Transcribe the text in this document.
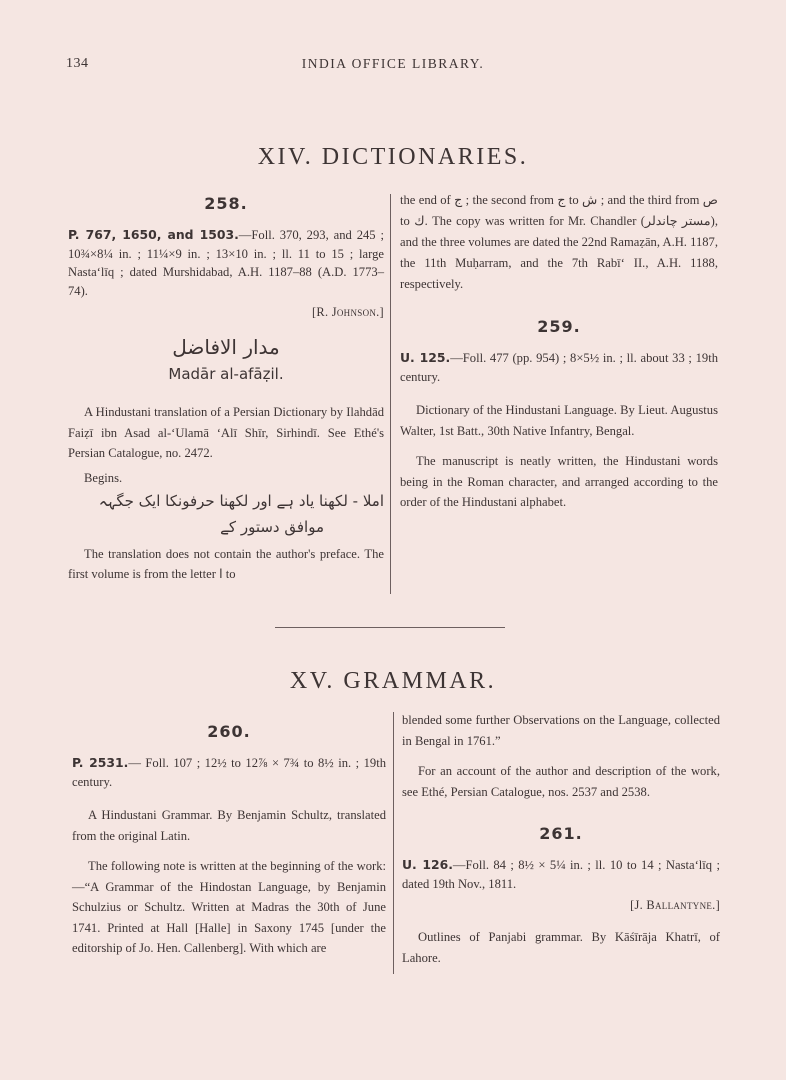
134	INDIA OFFICE LIBRARY.
XIV. DICTIONARIES.

258.

P. 767, 1650, and 1503.—Foll. 370, 293, and 245 ; 10¾×8¼ in. ; 11¼×9 in. ; 13×10 in. ; ll. 11 to 15 ; large Nasta‘līq ; dated Murshidabad, A.H. 1187–88 (A.D. 1773–74).

[R. Johnson.]

مدار الافاضل

Madār al-afāẓil.

A Hindustani translation of a Persian Dictionary by Ilahdād Faiẓī ibn Asad al-‘Ulamā ‘Alī Shīr, Sirhindī. See Ethé's Persian Catalogue, no. 2472.

Begins.

املا - لکھنا یاد ہے اور لکھنا حرفونکا ایک جگہہ

موافق دستور کے

The translation does not contain the author's preface. The first volume is from the letter ا to

the end of ج ; the second from ج to ش ; and the third from ص to ك. The copy was written for Mr. Chandler (مستر چاندلر), and the three volumes are dated the 22nd Ramaẓān, A.H. 1187, the 11th Muḥarram, and the 7th Rabī‘ II., A.H. 1188, respectively.

259.

U. 125.—Foll. 477 (pp. 954) ; 8×5½ in. ; ll. about 33 ; 19th century.

Dictionary of the Hindustani Language. By Lieut. Augustus Walter, 1st Batt., 30th Native Infantry, Bengal.

The manuscript is neatly written, the Hindustani words being in the Roman character, and arranged according to the order of the Hindustani alphabet.

XV. GRAMMAR.

260.

P. 2531.— Foll. 107 ; 12½ to 12⅞ × 7¾ to 8½ in. ; 19th century.

A Hindustani Grammar. By Benjamin Schultz, translated from the original Latin.

The following note is written at the beginning of the work:—“A Grammar of the Hindostan Language, by Benjamin Schulzius or Schultz. Written at Madras the 30th of June 1741. Printed at Hall [Halle] in Saxony 1745 [under the editorship of Jo. Hen. Callenberg]. With which are

blended some further Observations on the Language, collected in Bengal in 1761.”

For an account of the author and description of the work, see Ethé, Persian Catalogue, nos. 2537 and 2538.

261.

U. 126.—Foll. 84 ; 8½ × 5¼ in. ; ll. 10 to 14 ; Nasta‘līq ; dated 19th Nov., 1811.

[J. Ballantyne.]

Outlines of Panjabi grammar. By Kāśīrāja Khatrī, of Lahore.
